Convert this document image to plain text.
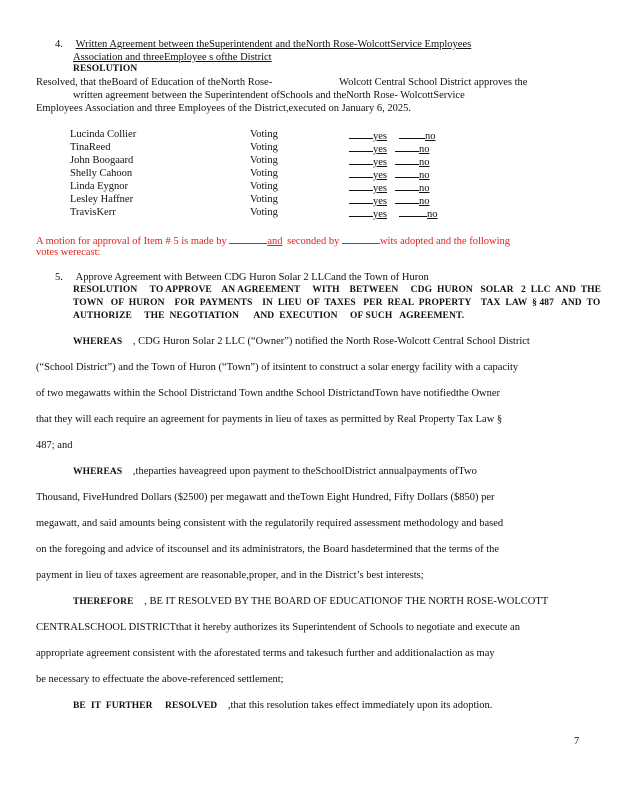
4. Written Agreement between theSuperintendent and theNorth Rose-WolcottService Employees
Association and threeEmployee s ofthe District
RESOLUTION
Resolved, that theBoard of Education of theNorth Rose-	Wolcott Central School District approves the
written agreement between the Superintendent ofSchools and theNorth Rose- WolcottService
Employees Association and three Employees of the District,executed on January 6, 2025.
Lucinda Collier	Voting	yes	no
TinaReed	Voting	yes	no
John Boogaard	Voting	yes	no
Shelly Cahoon	Voting	yes	no
Linda Eygnor	Voting	yes	no
Lesley Haffner	Voting	yes	no
TravisKerr	Voting	yes	no
A motion for approval of Item # 5 is made by	and seconded by	wits adopted and the following
votes werecast:
5. Approve Agreement with Between CDG Huron Solar 2 LLCand the Town of Huron
RESOLUTION     TO APPROVE    AN AGREEMENT     WITH    BETWEEN     CDG  HURON   SOLAR   2  LLC  AND  THE
TOWN   OF  HURON    FOR  PAYMENTS    IN  LIEU  OF  TAXES   PER  REAL  PROPERTY    TAX  LAW  § 487   AND  TO
AUTHORIZE     THE  NEGOTIATION      AND  EXECUTION     OF SUCH   AGREEMENT.
WHEREAS , CDG Huron Solar 2 LLC (“Owner”) notified the North Rose-Wolcott Central School District
(“School District”) and the Town of Huron (“Town”) of itsintent to construct a solar energy facility with a capacity
of two megawatts within the School Districtand Town andthe School DistrictandTown have notifiedthe Owner
that they will each require an agreement for payments in lieu of taxes as permitted by Real Property Tax Law §
487; and
WHEREAS ,theparties haveagreed upon payment to theSchoolDistrict annualpayments ofTwo
Thousand, FiveHundred Dollars ($2500) per megawatt and theTown Eight Hundred, Fifty Dollars ($850) per
megawatt, and said amounts being consistent with the regulatorily required assessment methodology and based
on the foregoing and advice of itscounsel and its administrators, the Board hasdetermined that the terms of the
payment in lieu of taxes agreement are reasonable,proper, and in the District’s best interests;
THEREFORE , BE IT RESOLVED BY THE BOARD OF EDUCATIONOF THE NORTH ROSE-WOLCOTT
CENTRALSCHOOL DISTRICTthat it hereby authorizes its Superintendent of Schools to negotiate and execute an
appropriate agreement consistent with the aforestated terms and takesuch further and additionalaction as may
be necessary to effectuate the above-referenced settlement;
BE  IT  FURTHER     RESOLVED ,that this resolution takes effect immediately upon its adoption.
7
